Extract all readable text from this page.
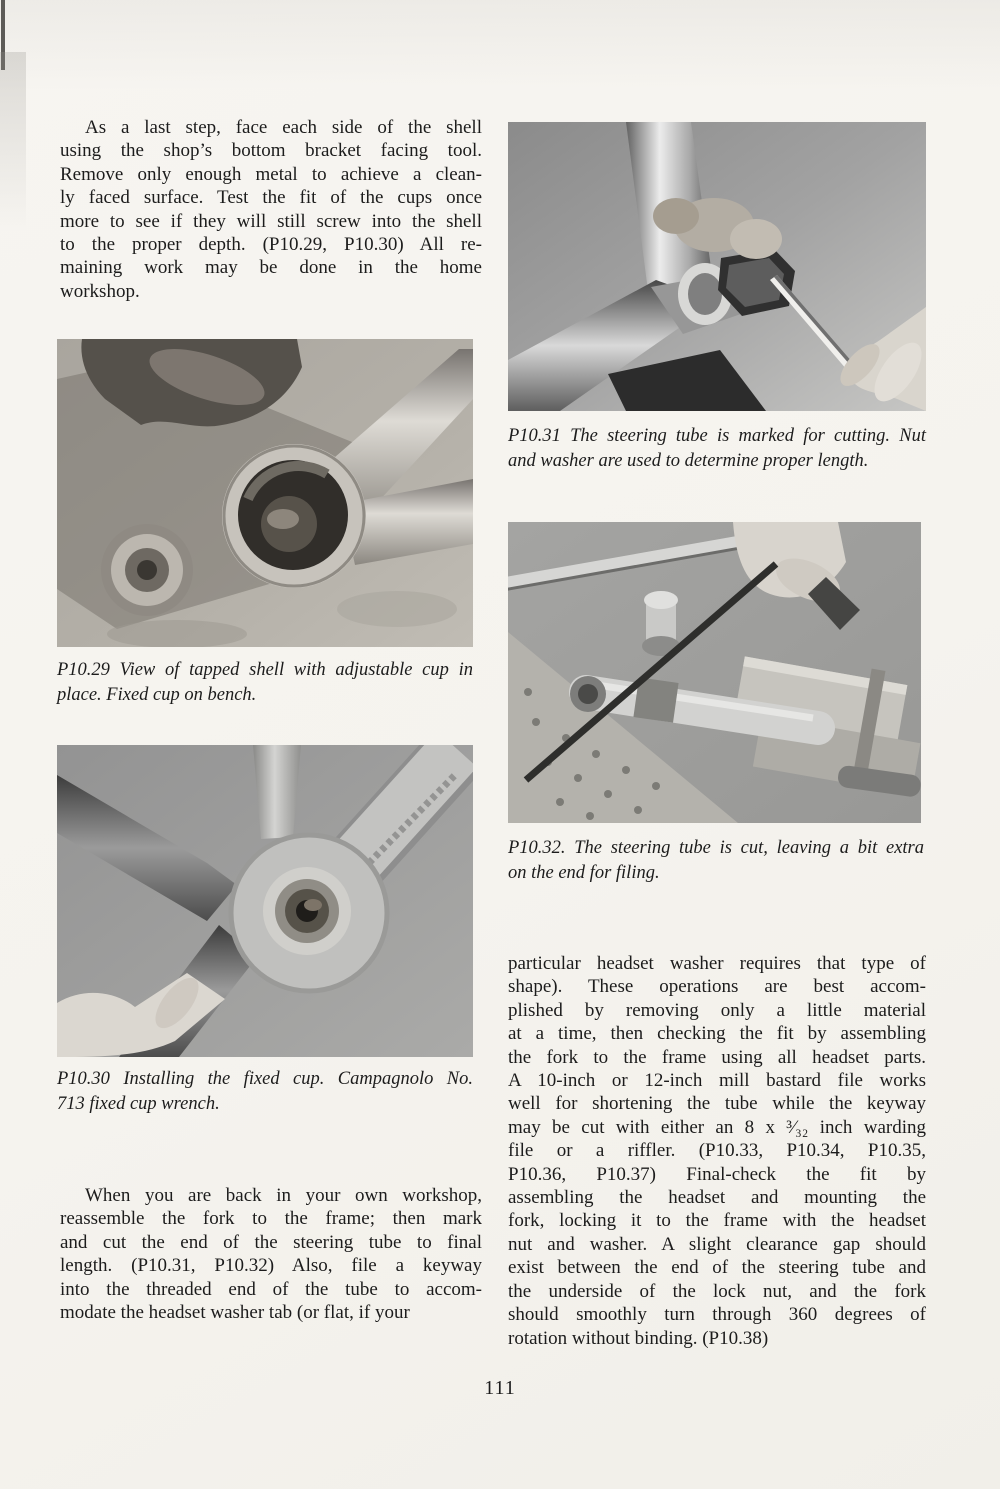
As a last step, face each side of the shell
using the shop’s bottom bracket facing tool.
Remove only enough metal to achieve a clean-
ly faced surface. Test the fit of the cups once
more to see if they will still screw into the shell
to the proper depth. (P10.29, P10.30) All re-
maining work may be done in the home
workshop.
P10.31 The steering tube is marked for cutting. Nut
and washer are used to determine proper length.
P10.29 View of tapped shell with adjustable cup in
place. Fixed cup on bench.
P10.32. The steering tube is cut, leaving a bit extra
on the end for filing.
P10.30 Installing the fixed cup. Campagnolo No.
713 fixed cup wrench.
When you are back in your own workshop,
reassemble the fork to the frame; then mark
and cut the end of the steering tube to final
length. (P10.31, P10.32) Also, file a keyway
into the threaded end of the tube to accom-
modate the headset washer tab (or flat, if your
particular headset washer requires that type of
shape). These operations are best accom-
plished by removing only a little material
at a time, then checking the fit by assembling
the fork to the frame using all headset parts.
A 10-inch or 12-inch mill bastard file works
well for shortening the tube while the keyway
may be cut with either an 8 x ³⁄₃₂ inch warding
file or a riffler. (P10.33, P10.34, P10.35,
P10.36, P10.37) Final-check the fit by
assembling the headset and mounting the
fork, locking it to the frame with the headset
nut and washer. A slight clearance gap should
exist between the end of the steering tube and
the underside of the lock nut, and the fork
should smoothly turn through 360 degrees of
rotation without binding. (P10.38)
111
